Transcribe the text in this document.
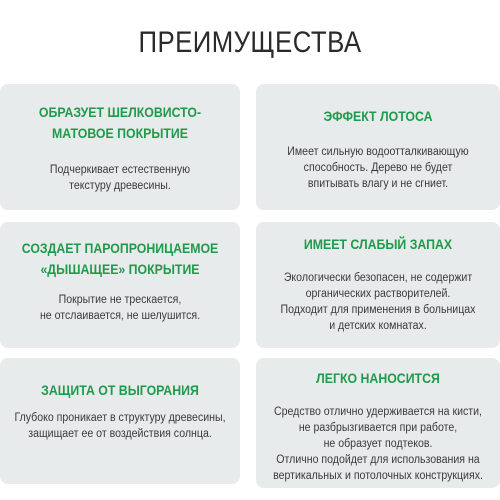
ПРЕИМУЩЕСТВА
ОБРАЗУЕТ ШЕЛКОВИСТО-
МАТОВОЕ ПОКРЫТИЕ

Подчеркивает естественную
текстуру древесины.

ЭФФЕКТ ЛОТОСА

Имеет сильную водоотталкивающую
способность. Дерево не будет
впитывать влагу и не сгниет.

СОЗДАЕТ ПАРОПРОНИЦАЕМОЕ
«ДЫШАЩЕЕ» ПОКРЫТИЕ

Покрытие не трескается,
не отслаивается, не шелушится.

ИМЕЕТ СЛАБЫЙ ЗАПАХ

Экологически безопасен, не содержит
органических растворителей.
Подходит для применения в больницах
и детских комнатах.

ЗАЩИТА ОТ ВЫГОРАНИЯ

Глубоко проникает в структуру древесины,
защищает ее от воздействия солнца.

ЛЕГКО НАНОСИТСЯ

Средство отлично удерживается на кисти,
не разбрызгивается при работе,
не образует подтеков.
Отлично подойдет для использования на
вертикальных и потолочных конструкциях.
